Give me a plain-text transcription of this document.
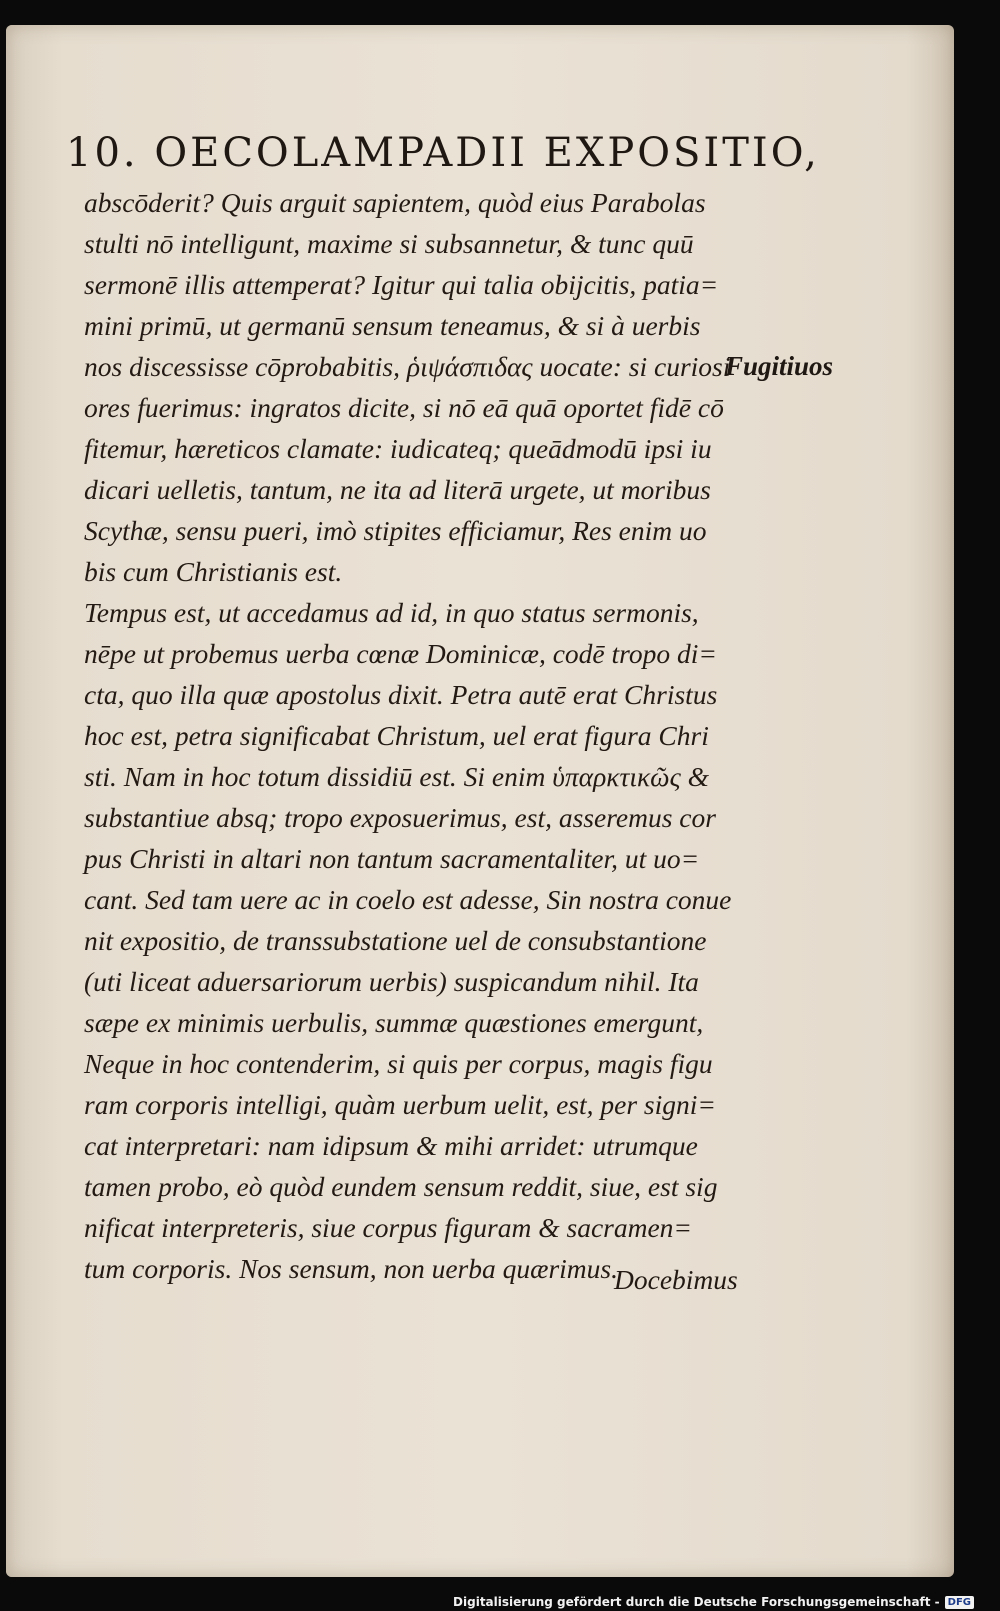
10. OECOLAMPADII EXPOSITIO,
abscōderit? Quis arguit sapientem, quòd eius Parabolas
stulti nō intelligunt, maxime si subsannetur, & tunc quū
sermonē illis attemperat? Igitur qui talia obijcitis, patia=
mini primū, ut germanū sensum teneamus, & si à uerbis
nos discessisse cōprobabitis, ῥιψάσπιδας uocate: si curiosi
ores fuerimus: ingratos dicite, si nō eā quā oportet fidē cō
fitemur, hæreticos clamate: iudicateq; queādmodū ipsi iu
dicari uelletis, tantum, ne ita ad literā urgete, ut moribus
Scythæ, sensu pueri, imò stipites efficiamur, Res enim uo
bis cum Christianis est.
Tempus est, ut accedamus ad id, in quo status sermonis,
nēpe ut probemus uerba cœnæ Dominicæ, codē tropo di=
cta, quo illa quæ apostolus dixit. Petra autē erat Christus
hoc est, petra significabat Christum, uel erat figura Chri
sti. Nam in hoc totum dissidiū est. Si enim ὑπαρκτικῶς &
substantiue absq; tropo exposuerimus, est, asseremus cor
pus Christi in altari non tantum sacramentaliter, ut uo=
cant. Sed tam uere ac in coelo est adesse, Sin nostra conue
nit expositio, de transsubstatione uel de consubstantione
(uti liceat aduersariorum uerbis) suspicandum nihil. Ita
sæpe ex minimis uerbulis, summæ quæstiones emergunt,
Neque in hoc contenderim, si quis per corpus, magis figu
ram corporis intelligi, quàm uerbum uelit, est, per signi=
cat interpretari: nam idipsum & mihi arridet: utrumque
tamen probo, eò quòd eundem sensum reddit, siue, est sig
nificat interpreteris, siue corpus figuram & sacramen=
tum corporis. Nos sensum, non uerba quærimus.
Fugitiuos
Docebimus
Digitalisierung gefördert durch die Deutsche Forschungsgemeinschaft - DFG
